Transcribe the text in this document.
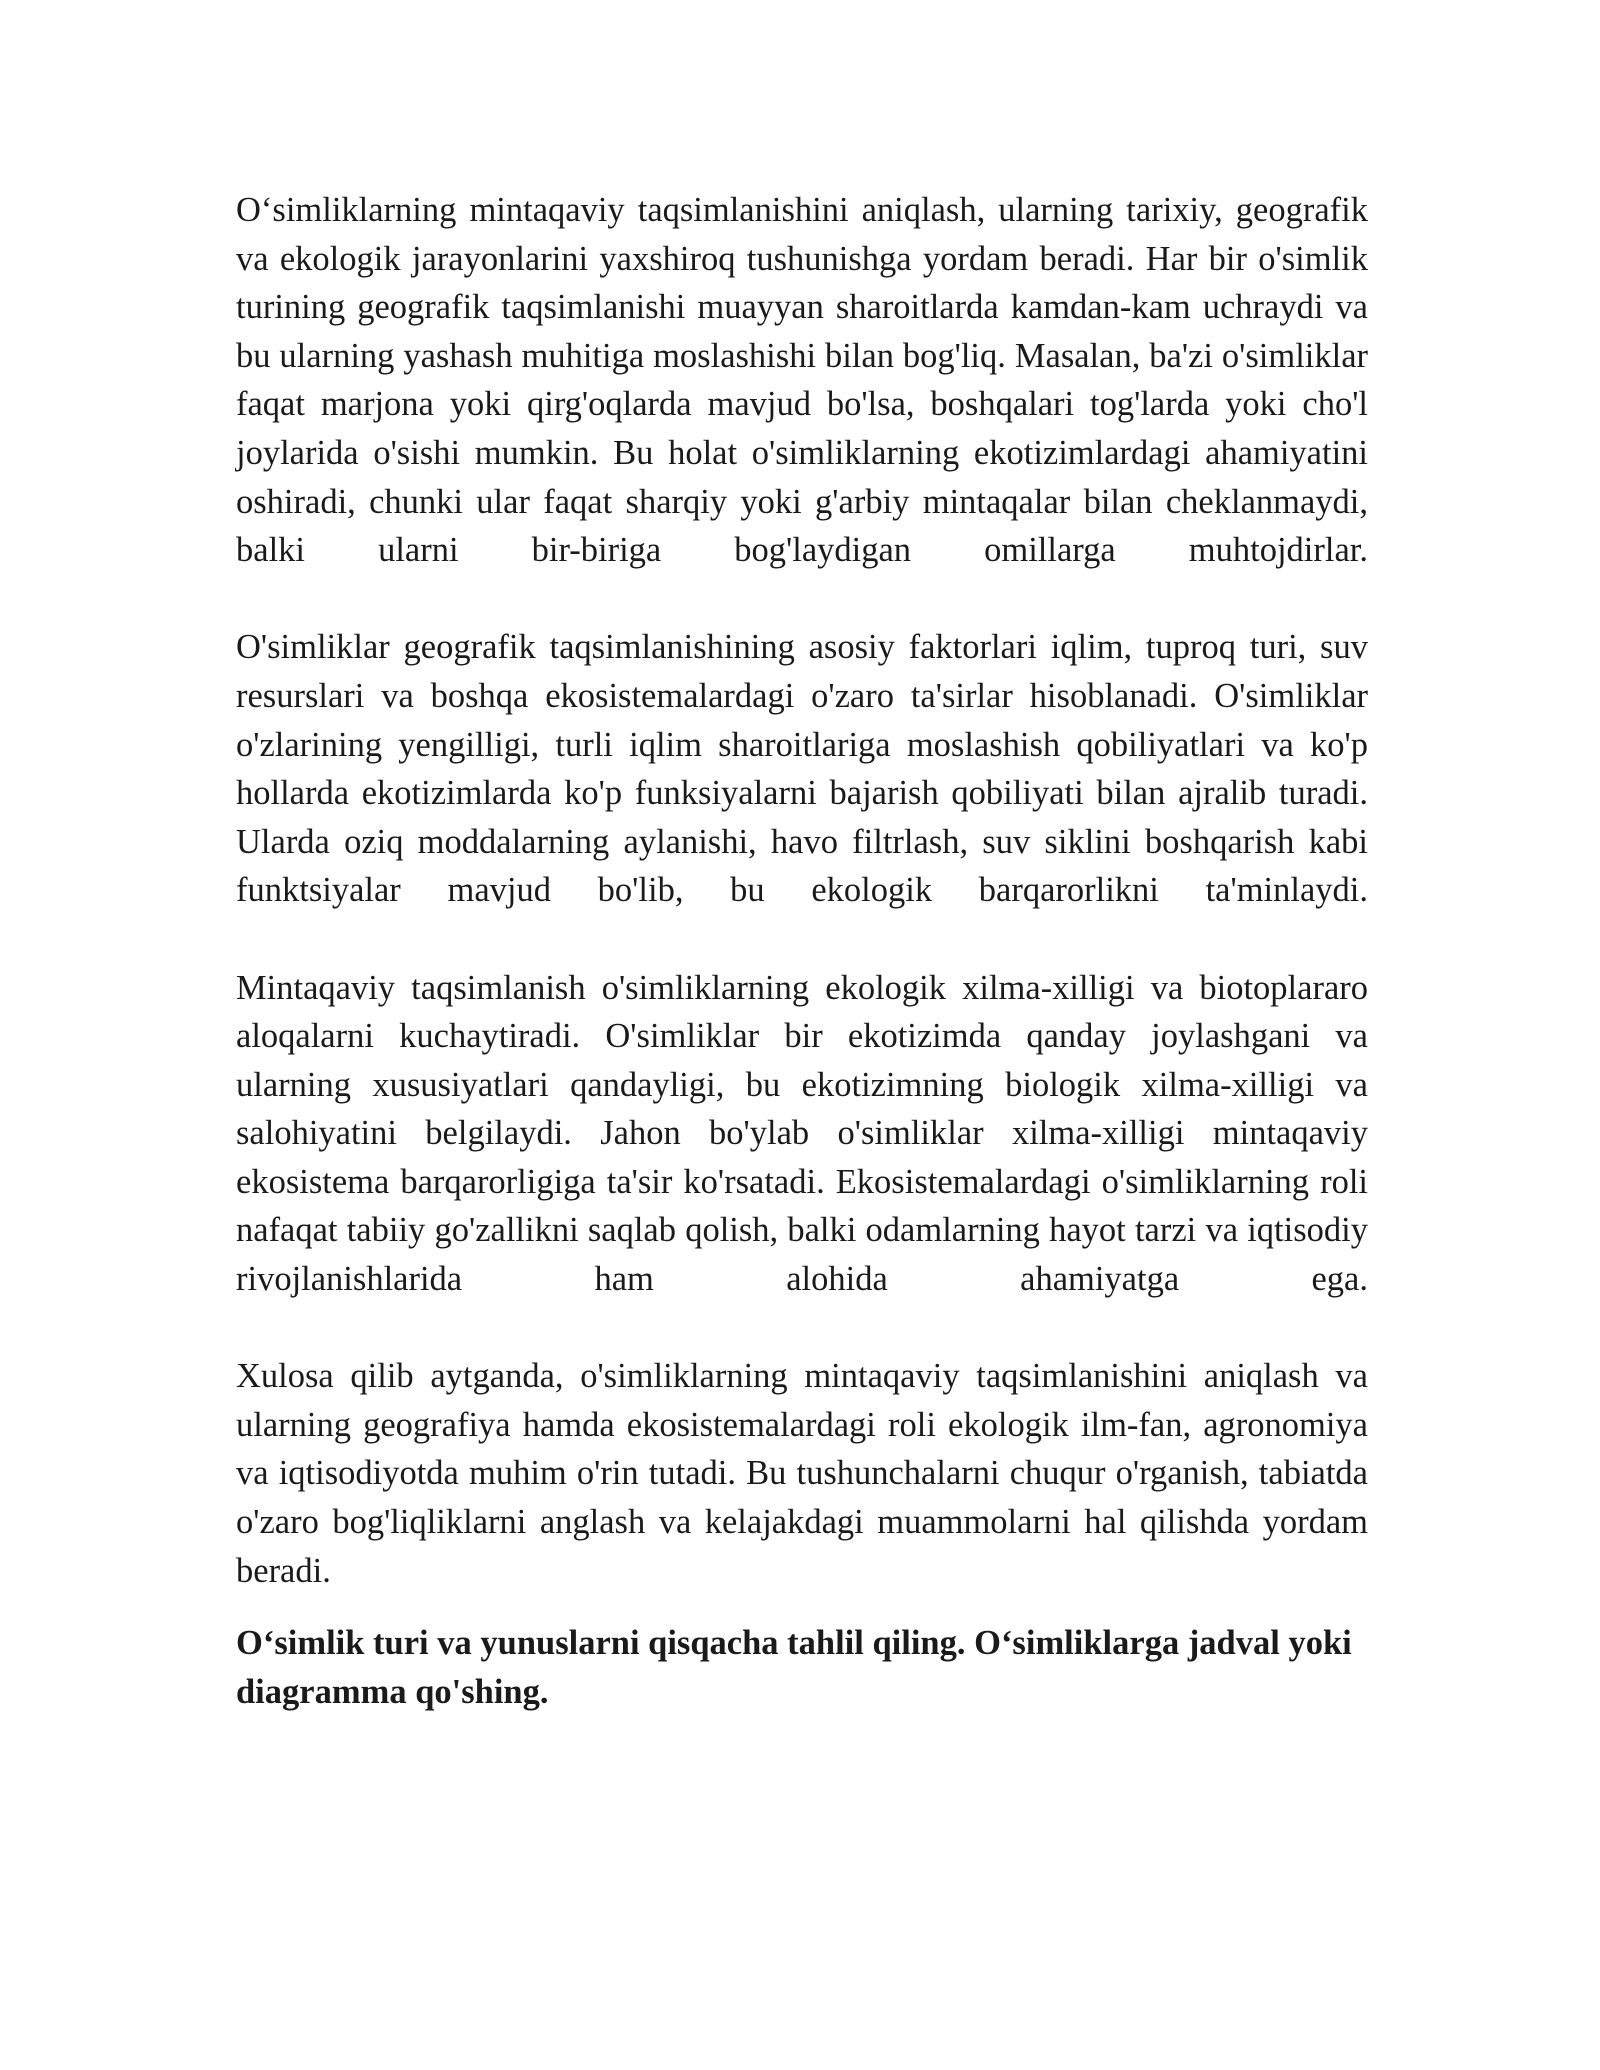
O‘simliklarning mintaqaviy taqsimlanishini aniqlash, ularning tarixiy, geografik va ekologik jarayonlarini yaxshiroq tushunishga yordam beradi. Har bir o'simlik turining geografik taqsimlanishi muayyan sharoitlarda kamdan-kam uchraydi va bu ularning yashash muhitiga moslashishi bilan bog'liq. Masalan, ba'zi o'simliklar faqat marjona yoki qirg'oqlarda mavjud bo'lsa, boshqalari tog'larda yoki cho'l joylarida o'sishi mumkin. Bu holat o'simliklarning ekotizimlardagi ahamiyatini oshiradi, chunki ular faqat sharqiy yoki g'arbiy mintaqalar bilan cheklanmaydi, balki ularni bir-biriga bog'laydigan omillarga muhtojdirlar.

O'simliklar geografik taqsimlanishining asosiy faktorlari iqlim, tuproq turi, suv resurslari va boshqa ekosistemalardagi o'zaro ta'sirlar hisoblanadi. O'simliklar o'zlarining yengilligi, turli iqlim sharoitlariga moslashish qobiliyatlari va ko'p hollarda ekotizimlarda ko'p funksiyalarni bajarish qobiliyati bilan ajralib turadi. Ularda oziq moddalarning aylanishi, havo filtrlash, suv siklini boshqarish kabi funktsiyalar mavjud bo'lib, bu ekologik barqarorlikni ta'minlaydi.

Mintaqaviy taqsimlanish o'simliklarning ekologik xilma-xilligi va biotoplararo aloqalarni kuchaytiradi. O'simliklar bir ekotizimda qanday joylashgani va ularning xususiyatlari qandayligi, bu ekotizimning biologik xilma-xilligi va salohiyatini belgilaydi. Jahon bo'ylab o'simliklar xilma-xilligi mintaqaviy ekosistema barqarorligiga ta'sir ko'rsatadi. Ekosistemalardagi o'simliklarning roli nafaqat tabiiy go'zallikni saqlab qolish, balki odamlarning hayot tarzi va iqtisodiy rivojlanishlarida ham alohida ahamiyatga ega.

Xulosa qilib aytganda, o'simliklarning mintaqaviy taqsimlanishini aniqlash va ularning geografiya hamda ekosistemalardagi roli ekologik ilm-fan, agronomiya va iqtisodiyotda muhim o'rin tutadi. Bu tushunchalarni chuqur o'rganish, tabiatda o'zaro bog'liqliklarni anglash va kelajakdagi muammolarni hal qilishda yordam beradi.

O‘simlik turi va yunuslarni qisqacha tahlil qiling. O‘simliklarga jadval yoki diagramma qo'shing.
